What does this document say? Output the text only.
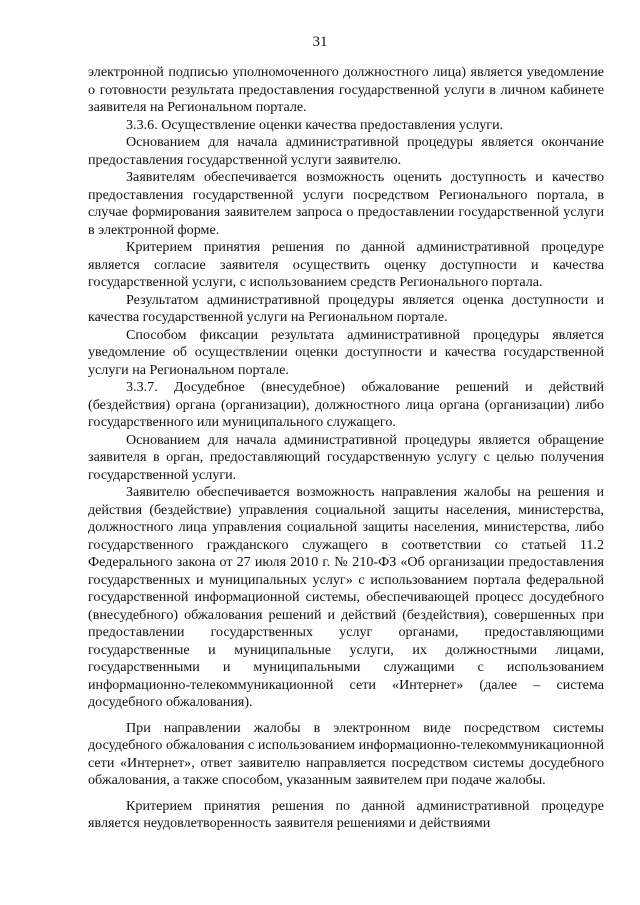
31

электронной подписью уполномоченного должностного лица) является уведомление о готовности результата предоставления государственной услуги в личном кабинете заявителя на Региональном портале.

3.3.6. Осуществление оценки качества предоставления услуги.

Основанием для начала административной процедуры является окончание предоставления государственной услуги заявителю.

Заявителям обеспечивается возможность оценить доступность и качество предоставления государственной услуги посредством Регионального портала, в случае формирования заявителем запроса о предоставлении государственной услуги в электронной форме.

Критерием принятия решения по данной административной процедуре является согласие заявителя осуществить оценку доступности и качества государственной услуги, с использованием средств Регионального портала.

Результатом административной процедуры является оценка доступности и качества государственной услуги на Региональном портале.

Способом фиксации результата административной процедуры является уведомление об осуществлении оценки доступности и качества государственной услуги на Региональном портале.

3.3.7. Досудебное (внесудебное) обжалование решений и действий (бездействия) органа (организации), должностного лица органа (организации) либо государственного или муниципального служащего.

Основанием для начала административной процедуры является обращение заявителя в орган, предоставляющий государственную услугу с целью получения государственной услуги.

Заявителю обеспечивается возможность направления жалобы на решения и действия (бездействие) управления социальной защиты населения, министерства, должностного лица управления социальной защиты населения, министерства, либо государственного гражданского служащего в соответствии со статьей 11.2 Федерального закона от 27 июля 2010 г. № 210-ФЗ «Об организации предоставления государственных и муниципальных услуг» с использованием портала федеральной государственной информационной системы, обеспечивающей процесс досудебного (внесудебного) обжалования решений и действий (бездействия), совершенных при предоставлении государственных услуг органами, предоставляющими государственные и муниципальные услуги, их должностными лицами, государственными и муниципальными служащими с использованием информационно-телекоммуникационной сети «Интернет» (далее – система досудебного обжалования).

При направлении жалобы в электронном виде посредством системы досудебного обжалования с использованием информационно-телекоммуникационной сети «Интернет», ответ заявителю направляется посредством системы досудебного обжалования, а также способом, указанным заявителем при подаче жалобы.

Критерием принятия решения по данной административной процедуре является неудовлетворенность заявителя решениями и действиями
